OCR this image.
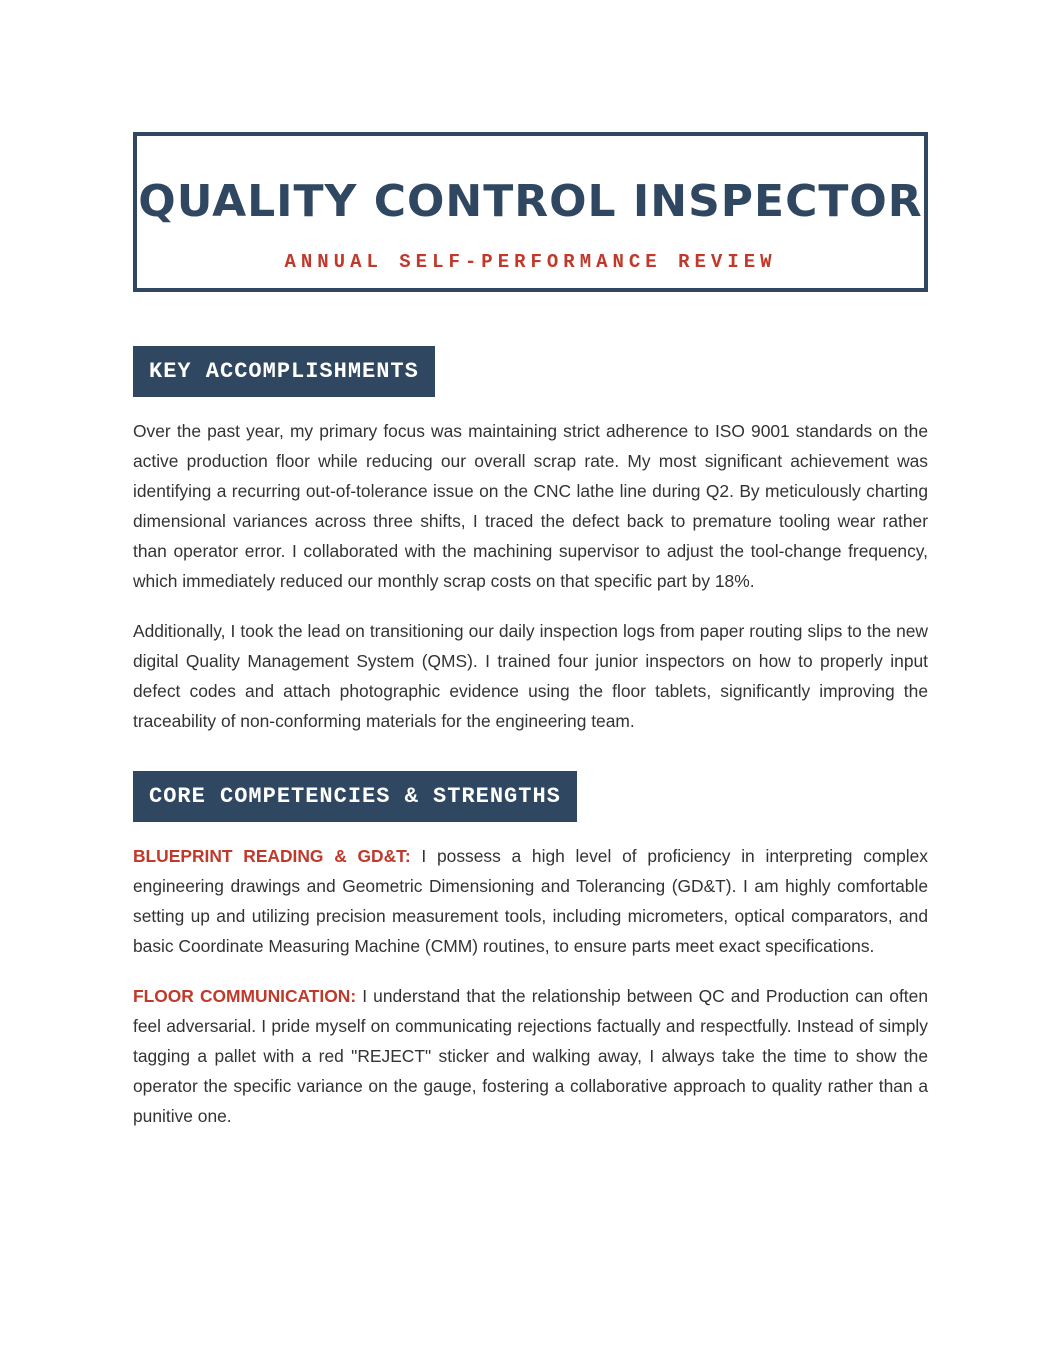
QUALITY CONTROL INSPECTOR
ANNUAL SELF-PERFORMANCE REVIEW
KEY ACCOMPLISHMENTS

Over the past year, my primary focus was maintaining strict adherence to ISO 9001 standards on the active production floor while reducing our overall scrap rate. My most significant achievement was identifying a recurring out-of-tolerance issue on the CNC lathe line during Q2. By meticulously charting dimensional variances across three shifts, I traced the defect back to premature tooling wear rather than operator error. I collaborated with the machining supervisor to adjust the tool-change frequency, which immediately reduced our monthly scrap costs on that specific part by 18%.

Additionally, I took the lead on transitioning our daily inspection logs from paper routing slips to the new digital Quality Management System (QMS). I trained four junior inspectors on how to properly input defect codes and attach photographic evidence using the floor tablets, significantly improving the traceability of non-conforming materials for the engineering team.

CORE COMPETENCIES & STRENGTHS

BLUEPRINT READING & GD&T: I possess a high level of proficiency in interpreting complex engineering drawings and Geometric Dimensioning and Tolerancing (GD&T). I am highly comfortable setting up and utilizing precision measurement tools, including micrometers, optical comparators, and basic Coordinate Measuring Machine (CMM) routines, to ensure parts meet exact specifications.

FLOOR COMMUNICATION: I understand that the relationship between QC and Production can often feel adversarial. I pride myself on communicating rejections factually and respectfully. Instead of simply tagging a pallet with a red "REJECT" sticker and walking away, I always take the time to show the operator the specific variance on the gauge, fostering a collaborative approach to quality rather than a punitive one.
